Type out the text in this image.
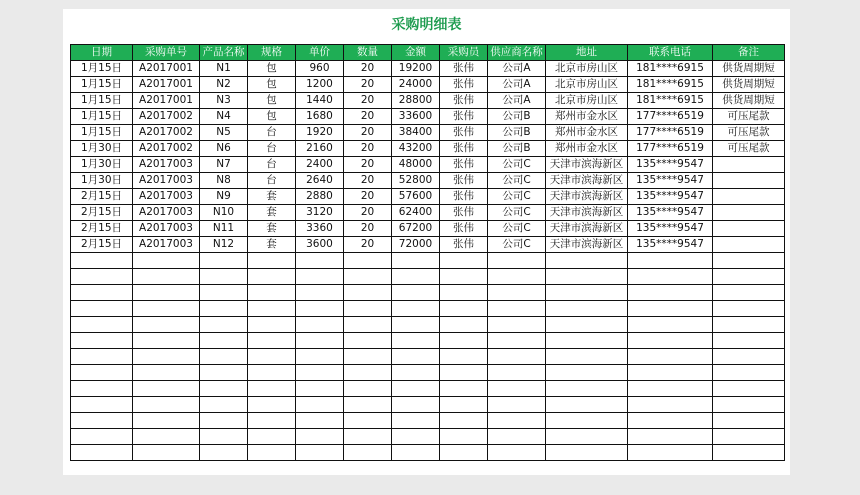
采购明细表
日期	采购单号	产品名称	规格	单价	数量	金额	采购员	供应商名称	地址	联系电话	备注
1月15日	A2017001	N1	包	960	20	19200	张伟	公司A	北京市房山区	181****6915	供货周期短
1月15日	A2017001	N2	包	1200	20	24000	张伟	公司A	北京市房山区	181****6915	供货周期短
1月15日	A2017001	N3	包	1440	20	28800	张伟	公司A	北京市房山区	181****6915	供货周期短
1月15日	A2017002	N4	包	1680	20	33600	张伟	公司B	郑州市金水区	177****6519	可压尾款
1月15日	A2017002	N5	台	1920	20	38400	张伟	公司B	郑州市金水区	177****6519	可压尾款
1月30日	A2017002	N6	台	2160	20	43200	张伟	公司B	郑州市金水区	177****6519	可压尾款
1月30日	A2017003	N7	台	2400	20	48000	张伟	公司C	天津市滨海新区	135****9547	
1月30日	A2017003	N8	台	2640	20	52800	张伟	公司C	天津市滨海新区	135****9547	
2月15日	A2017003	N9	套	2880	20	57600	张伟	公司C	天津市滨海新区	135****9547	
2月15日	A2017003	N10	套	3120	20	62400	张伟	公司C	天津市滨海新区	135****9547	
2月15日	A2017003	N11	套	3360	20	67200	张伟	公司C	天津市滨海新区	135****9547	
2月15日	A2017003	N12	套	3600	20	72000	张伟	公司C	天津市滨海新区	135****9547	
